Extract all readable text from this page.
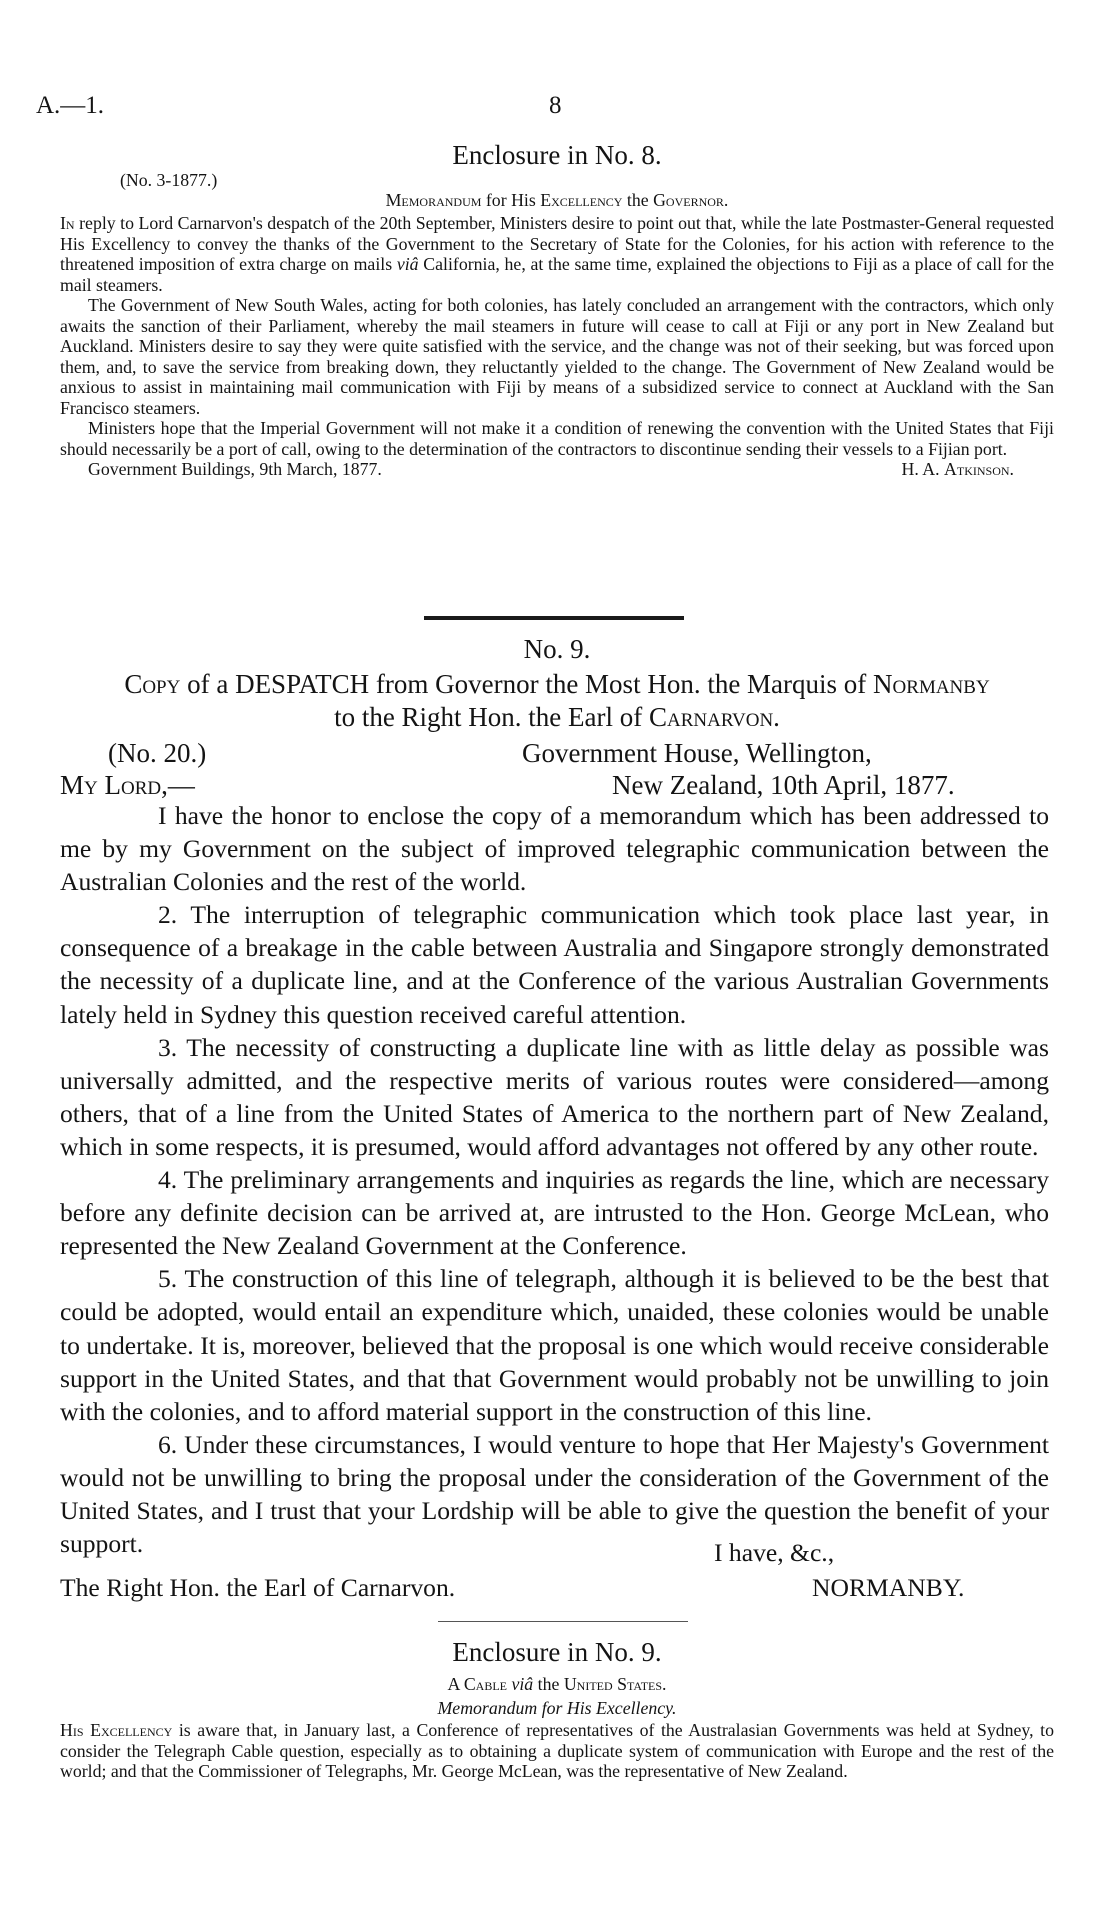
A.—1.	8
Enclosure in No. 8.
(No. 3-1877.)
Memorandum for His Excellency the Governor.
In reply to Lord Carnarvon's despatch of the 20th September, Ministers desire to point out that, while the late Postmaster-General requested His Excellency to convey the thanks of the Government to the Secretary of State for the Colonies, for his action with reference to the threatened imposition of extra charge on mails viâ California, he, at the same time, explained the objections to Fiji as a place of call for the mail steamers.
The Government of New South Wales, acting for both colonies, has lately concluded an arrangement with the contractors, which only awaits the sanction of their Parliament, whereby the mail steamers in future will cease to call at Fiji or any port in New Zealand but Auckland. Ministers desire to say they were quite satisfied with the service, and the change was not of their seeking, but was forced upon them, and, to save the service from breaking down, they reluctantly yielded to the change. The Government of New Zealand would be anxious to assist in maintaining mail communication with Fiji by means of a subsidized service to connect at Auckland with the San Francisco steamers.
Ministers hope that the Imperial Government will not make it a condition of renewing the convention with the United States that Fiji should necessarily be a port of call, owing to the determination of the contractors to discontinue sending their vessels to a Fijian port.
Government Buildings, 9th March, 1877.	H. A. Atkinson.
No. 9.
Copy of a DESPATCH from Governor the Most Hon. the Marquis of Normanby
to the Right Hon. the Earl of Carnarvon.
(No. 20.)	Government House, Wellington,
My Lord,—	New Zealand, 10th April, 1877.
I have the honor to enclose the copy of a memorandum which has been addressed to me by my Government on the subject of improved telegraphic communication between the Australian Colonies and the rest of the world.
2. The interruption of telegraphic communication which took place last year, in consequence of a breakage in the cable between Australia and Singapore strongly demonstrated the necessity of a duplicate line, and at the Conference of the various Australian Governments lately held in Sydney this question received careful attention.
3. The necessity of constructing a duplicate line with as little delay as possible was universally admitted, and the respective merits of various routes were considered—among others, that of a line from the United States of America to the northern part of New Zealand, which in some respects, it is presumed, would afford advantages not offered by any other route.
4. The preliminary arrangements and inquiries as regards the line, which are necessary before any definite decision can be arrived at, are intrusted to the Hon. George McLean, who represented the New Zealand Government at the Conference.
5. The construction of this line of telegraph, although it is believed to be the best that could be adopted, would entail an expenditure which, unaided, these colonies would be unable to undertake. It is, moreover, believed that the proposal is one which would receive considerable support in the United States, and that that Government would probably not be unwilling to join with the colonies, and to afford material support in the construction of this line.
6. Under these circumstances, I would venture to hope that Her Majesty's Government would not be unwilling to bring the proposal under the consideration of the Government of the United States, and I trust that your Lordship will be able to give the question the benefit of your support.	I have, &c.,
The Right Hon. the Earl of Carnarvon.	NORMANBY.
Enclosure in No. 9.
A Cable viâ the United States.
Memorandum for His Excellency.
His Excellency is aware that, in January last, a Conference of representatives of the Australasian Governments was held at Sydney, to consider the Telegraph Cable question, especially as to obtaining a duplicate system of communication with Europe and the rest of the world; and that the Commissioner of Telegraphs, Mr. George McLean, was the representative of New Zealand.
